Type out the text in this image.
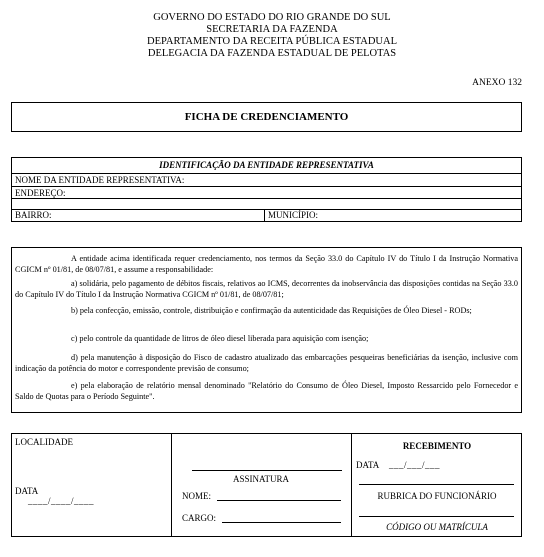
GOVERNO DO ESTADO DO RIO GRANDE DO SUL
SECRETARIA DA FAZENDA
DEPARTAMENTO DA RECEITA PÚBLICA ESTADUAL
DELEGACIA DA FAZENDA ESTADUAL DE PELOTAS
ANEXO 132
FICHA DE CREDENCIAMENTO
IDENTIFICAÇÃO DA ENTIDADE REPRESENTATIVA
NOME DA ENTIDADE REPRESENTATIVA:
ENDEREÇO:
BAIRRO:	MUNICÍPIO:
A entidade acima identificada requer credenciamento, nos termos da Seção 33.0 do Capítulo IV do Título I da Instrução Normativa CGICM nº 01/81, de 08/07/81, e assume a responsabilidade:
a) solidária, pelo pagamento de débitos fiscais, relativos ao ICMS, decorrentes da inobservância das disposições contidas na Seção 33.0 do Capítulo IV do Título I da Instrução Normativa CGICM nº 01/81, de 08/07/81;
b) pela confecção, emissão, controle, distribuição e confirmação da autenticidade das Requisições de Óleo Diesel - RODs;
c) pelo controle da quantidade de litros de óleo diesel liberada para aquisição com isenção;
d) pela manutenção à disposição do Fisco de cadastro atualizado das embarcações pesqueiras beneficiárias da isenção, inclusive com indicação da potência do motor e correspondente previsão de consumo;
e) pela elaboração de relatório mensal denominado "Relatório do Consumo de Óleo Diesel, Imposto Ressarcido pelo Fornecedor e Saldo de Quotas para o Período Seguinte".
LOCALIDADE
DATA
____/____/____
ASSINATURA
NOME:
CARGO:
RECEBIMENTO
DATA ___/___/___
RUBRICA DO FUNCIONÁRIO
CÓDIGO OU MATRÍCULA
